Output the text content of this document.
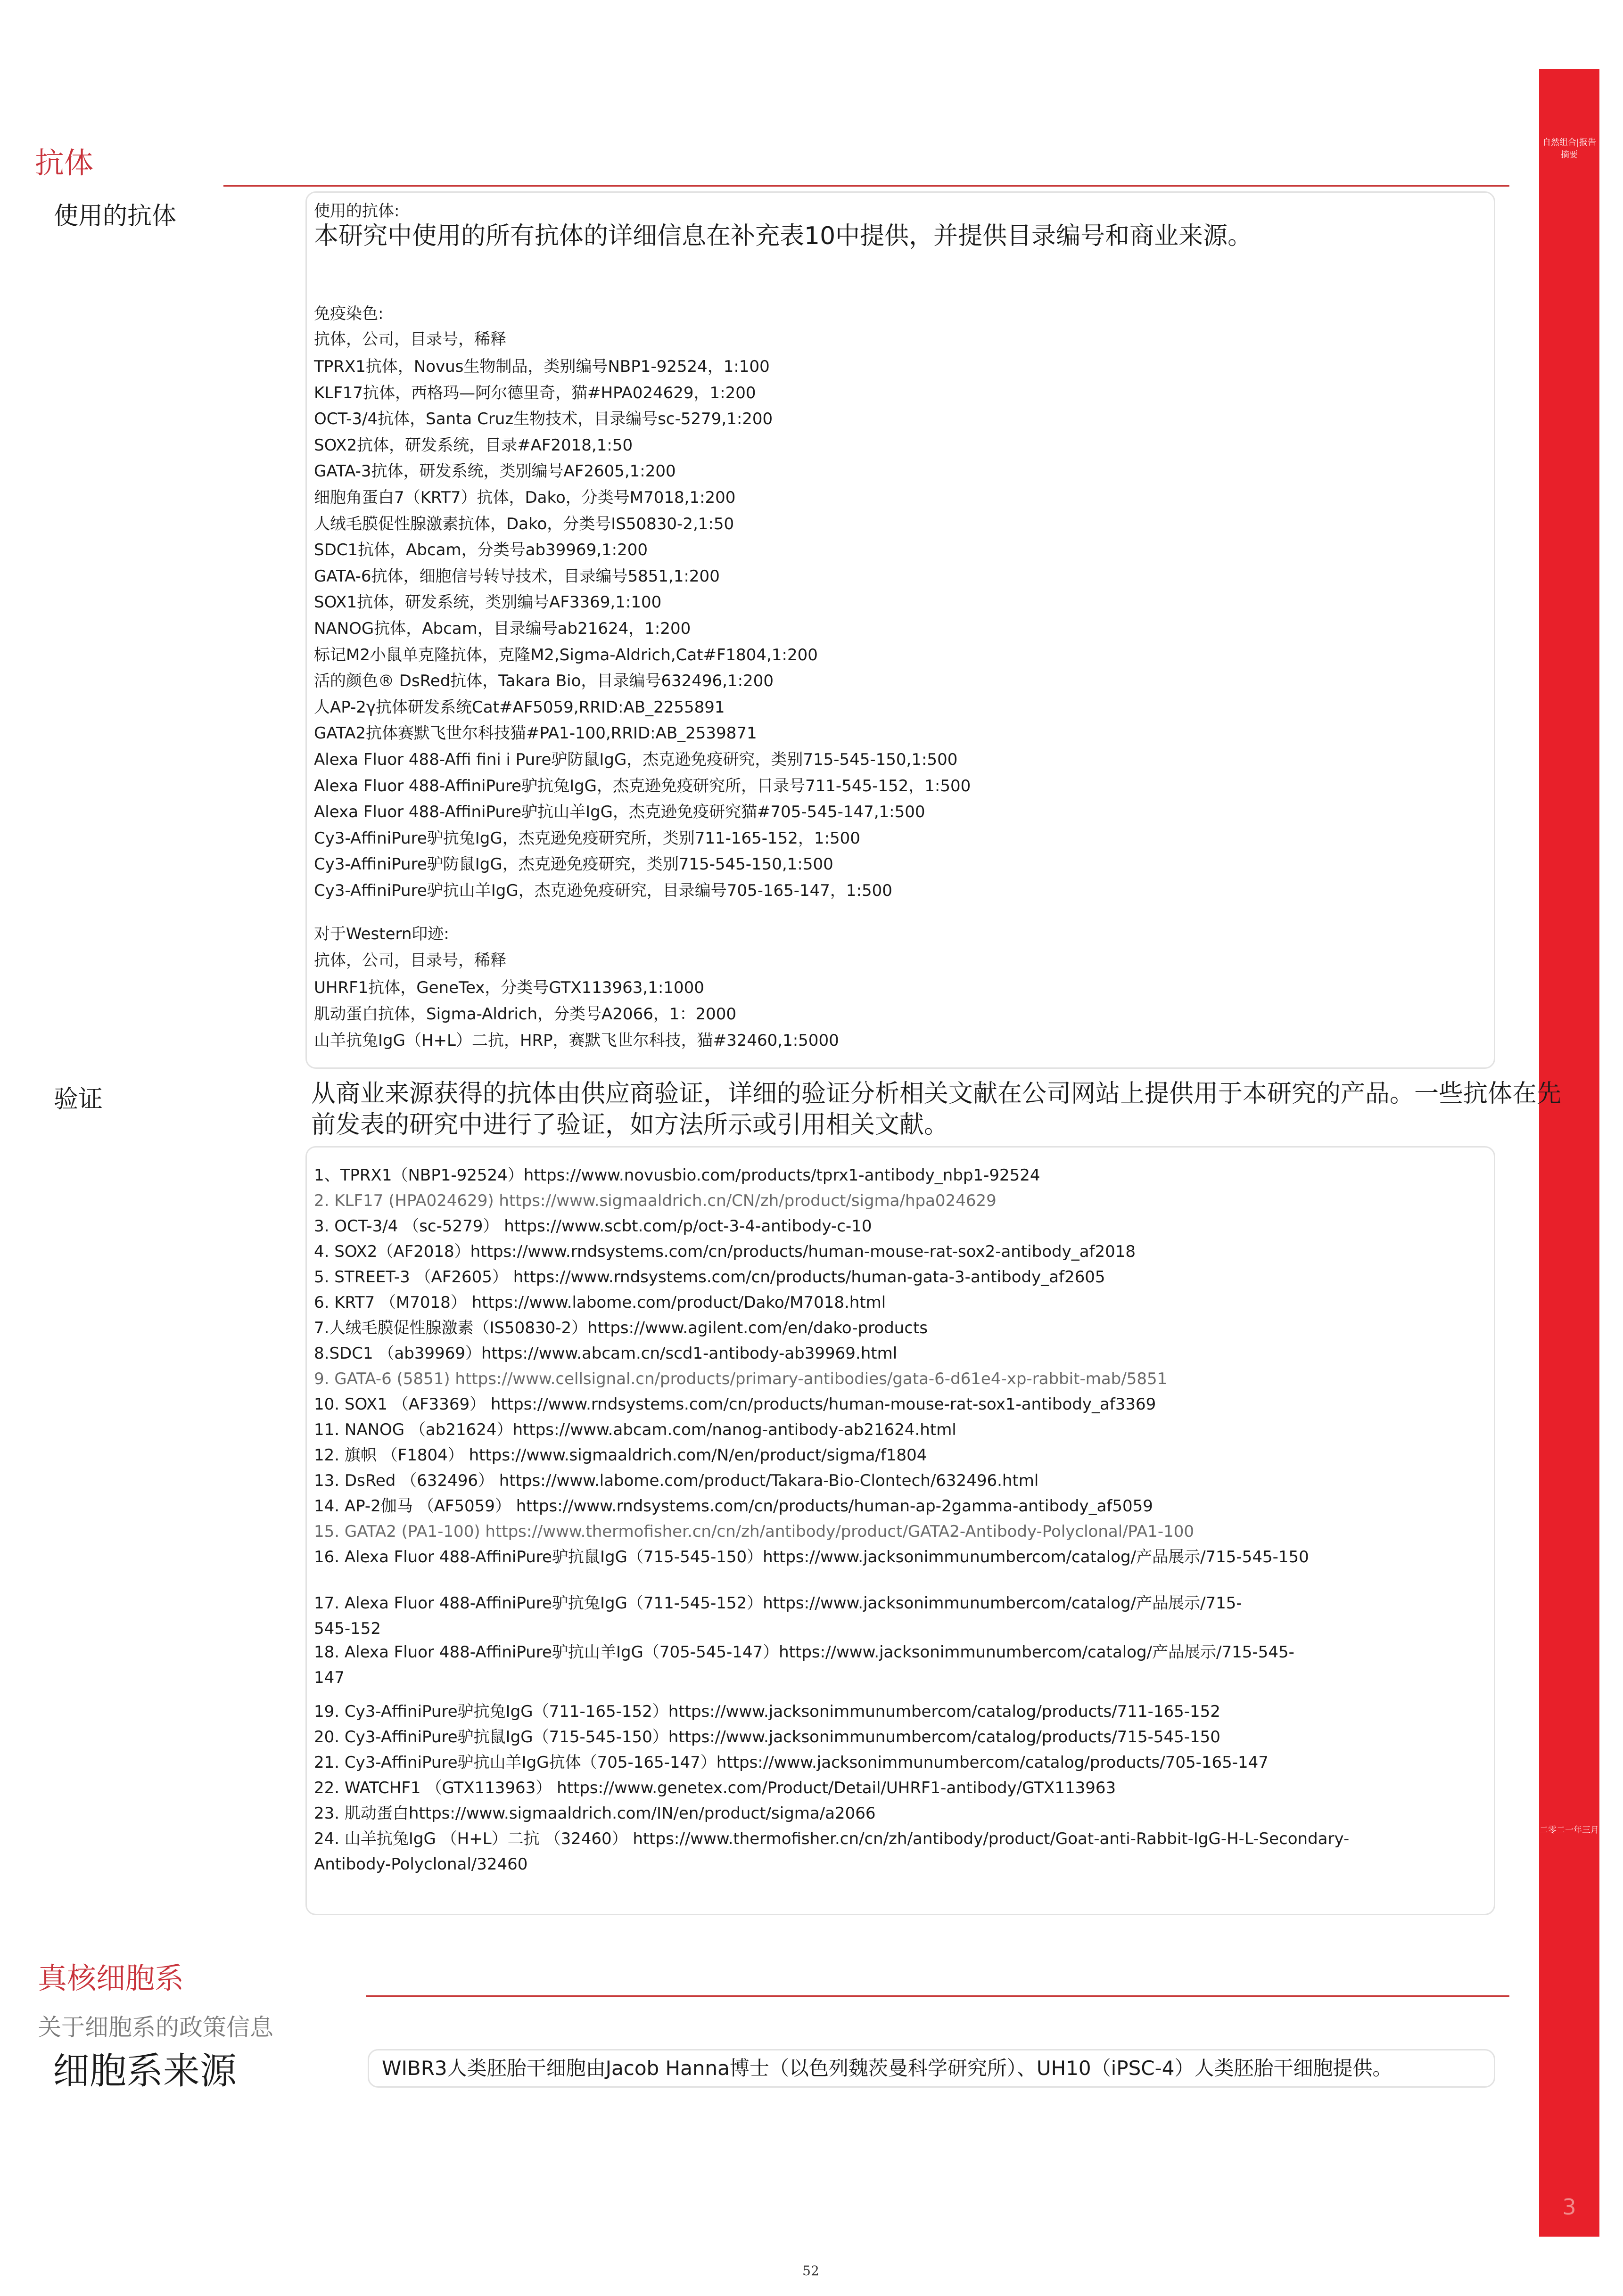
自然组合|报告摘要
二零二一年三月
3
抗体
使用的抗体	使用的抗体:
本研究中使用的所有抗体的详细信息在补充表10中提供，并提供目录编号和商业来源。
免疫染色:
抗体，公司，目录号，稀释
TPRX1抗体，Novus生物制品，类别编号NBP1-92524，1:100
KLF17抗体，西格玛—阿尔德里奇，猫#HPA024629，1:200
OCT-3/4抗体，Santa Cruz生物技术，目录编号sc-5279,1:200
SOX2抗体，研发系统，目录#AF2018,1:50
GATA-3抗体，研发系统，类别编号AF2605,1:200
细胞角蛋白7（KRT7）抗体，Dako，分类号M7018,1:200
人绒毛膜促性腺激素抗体，Dako，分类号IS50830-2,1:50
SDC1抗体，Abcam，分类号ab39969,1:200
GATA-6抗体，细胞信号转导技术，目录编号5851,1:200
SOX1抗体，研发系统，类别编号AF3369,1:100
NANOG抗体，Abcam，目录编号ab21624，1:200
标记M2小鼠单克隆抗体，克隆M2,Sigma-Aldrich,Cat#F1804,1:200
活的颜色® DsRed抗体，Takara Bio，目录编号632496,1:200
人AP-2γ抗体研发系统Cat#AF5059,RRID:AB_2255891
GATA2抗体赛默飞世尔科技猫#PA1-100,RRID:AB_2539871
Alexa Fluor 488-Affi fini i Pure驴防鼠IgG，杰克逊免疫研究，类别715-545-150,1:500
Alexa Fluor 488-AffiniPure驴抗兔IgG，杰克逊免疫研究所，目录号711-545-152，1:500
Alexa Fluor 488-AffiniPure驴抗山羊IgG，杰克逊免疫研究猫#705-545-147,1:500
Cy3-AffiniPure驴抗兔IgG，杰克逊免疫研究所，类别711-165-152，1:500
Cy3-AffiniPure驴防鼠IgG，杰克逊免疫研究，类别715-545-150,1:500
Cy3-AffiniPure驴抗山羊IgG，杰克逊免疫研究，目录编号705-165-147，1:500
对于Western印迹:
抗体，公司，目录号，稀释
UHRF1抗体，GeneTex，分类号GTX113963,1:1000
肌动蛋白抗体，Sigma-Aldrich，分类号A2066，1：2000
山羊抗兔IgG（H+L）二抗，HRP，赛默飞世尔科技，猫#32460,1:5000
验证	从商业来源获得的抗体由供应商验证，详细的验证分析相关文献在公司网站上提供用于本研究的产品。一些抗体在先
前发表的研究中进行了验证，如方法所示或引用相关文献。
1、TPRX1（NBP1-92524）https://www.novusbio.com/products/tprx1-antibody_nbp1-92524
2. KLF17 (HPA024629) https://www.sigmaaldrich.cn/CN/zh/product/sigma/hpa024629
3. OCT-3/4 （sc-5279） https://www.scbt.com/p/oct-3-4-antibody-c-10
4. SOX2（AF2018）https://www.rndsystems.com/cn/products/human-mouse-rat-sox2-antibody_af2018
5. STREET-3 （AF2605） https://www.rndsystems.com/cn/products/human-gata-3-antibody_af2605
6. KRT7 （M7018） https://www.labome.com/product/Dako/M7018.html
7.人绒毛膜促性腺激素（IS50830-2）https://www.agilent.com/en/dako-products
8.SDC1 （ab39969）https://www.abcam.cn/scd1-antibody-ab39969.html
9. GATA-6 (5851) https://www.cellsignal.cn/products/primary-antibodies/gata-6-d61e4-xp-rabbit-mab/5851
10. SOX1 （AF3369） https://www.rndsystems.com/cn/products/human-mouse-rat-sox1-antibody_af3369
11. NANOG （ab21624）https://www.abcam.com/nanog-antibody-ab21624.html
12. 旗帜 （F1804） https://www.sigmaaldrich.com/N/en/product/sigma/f1804
13. DsRed （632496） https://www.labome.com/product/Takara-Bio-Clontech/632496.html
14. AP-2伽马 （AF5059） https://www.rndsystems.com/cn/products/human-ap-2gamma-antibody_af5059
15. GATA2 (PA1-100) https://www.thermofisher.cn/cn/zh/antibody/product/GATA2-Antibody-Polyclonal/PA1-100
16. Alexa Fluor 488-AffiniPure驴抗鼠IgG（715-545-150）https://www.jacksonimmunumbercom/catalog/产品展示/715-545-150
17. Alexa Fluor 488-AffiniPure驴抗兔IgG（711-545-152）https://www.jacksonimmunumbercom/catalog/产品展示/715-
545-152
18. Alexa Fluor 488-AffiniPure驴抗山羊IgG（705-545-147）https://www.jacksonimmunumbercom/catalog/产品展示/715-545-
147
19. Cy3-AffiniPure驴抗兔IgG（711-165-152）https://www.jacksonimmunumbercom/catalog/products/711-165-152
20. Cy3-AffiniPure驴抗鼠IgG（715-545-150）https://www.jacksonimmunumbercom/catalog/products/715-545-150
21. Cy3-AffiniPure驴抗山羊IgG抗体（705-165-147）https://www.jacksonimmunumbercom/catalog/products/705-165-147
22. WATCHF1 （GTX113963） https://www.genetex.com/Product/Detail/UHRF1-antibody/GTX113963
23. 肌动蛋白https://www.sigmaaldrich.com/IN/en/product/sigma/a2066
24. 山羊抗兔IgG （H+L）二抗 （32460） https://www.thermofisher.cn/cn/zh/antibody/product/Goat-anti-Rabbit-IgG-H-L-Secondary-
Antibody-Polyclonal/32460
真核细胞系
关于细胞系的政策信息
细胞系来源	WIBR3人类胚胎干细胞由Jacob Hanna博士（以色列魏茨曼科学研究所）、UH10（iPSC-4）人类胚胎干细胞提供。
52
